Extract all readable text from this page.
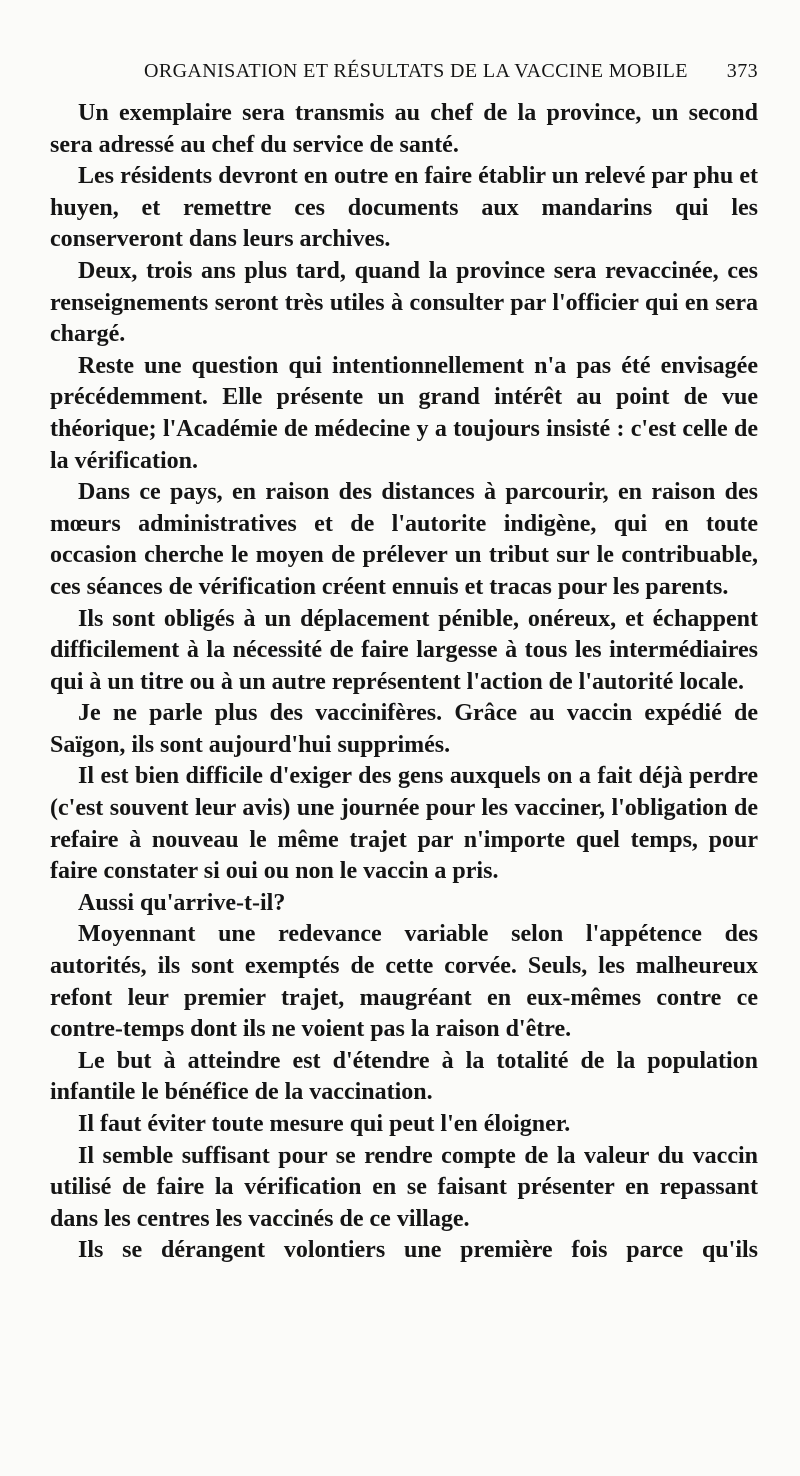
ORGANISATION ET RÉSULTATS DE LA VACCINE MOBILE 373

Un exemplaire sera transmis au chef de la province, un second sera adressé au chef du service de santé.

Les résidents devront en outre en faire établir un relevé par phu et huyen, et remettre ces documents aux mandarins qui les conserveront dans leurs archives.

Deux, trois ans plus tard, quand la province sera revaccinée, ces renseignements seront très utiles à consulter par l'officier qui en sera chargé.

Reste une question qui intentionnellement n'a pas été envisagée précédemment. Elle présente un grand intérêt au point de vue théorique; l'Académie de médecine y a toujours insisté : c'est celle de la vérification.

Dans ce pays, en raison des distances à parcourir, en raison des mœurs administratives et de l'autorite indigène, qui en toute occasion cherche le moyen de prélever un tribut sur le contribuable, ces séances de vérification créent ennuis et tracas pour les parents.

Ils sont obligés à un déplacement pénible, onéreux, et échappent difficilement à la nécessité de faire largesse à tous les intermédiaires qui à un titre ou à un autre représentent l'action de l'autorité locale.

Je ne parle plus des vaccinifères. Grâce au vaccin expédié de Saïgon, ils sont aujourd'hui supprimés.

Il est bien difficile d'exiger des gens auxquels on a fait déjà perdre (c'est souvent leur avis) une journée pour les vacciner, l'obligation de refaire à nouveau le même trajet par n'importe quel temps, pour faire constater si oui ou non le vaccin a pris.

Aussi qu'arrive-t-il?

Moyennant une redevance variable selon l'appétence des autorités, ils sont exemptés de cette corvée. Seuls, les malheureux refont leur premier trajet, maugréant en eux-mêmes contre ce contre-temps dont ils ne voient pas la raison d'être.

Le but à atteindre est d'étendre à la totalité de la population infantile le bénéfice de la vaccination.

Il faut éviter toute mesure qui peut l'en éloigner.

Il semble suffisant pour se rendre compte de la valeur du vaccin utilisé de faire la vérification en se faisant présenter en repassant dans les centres les vaccinés de ce village.

Ils se dérangent volontiers une première fois parce qu'ils
